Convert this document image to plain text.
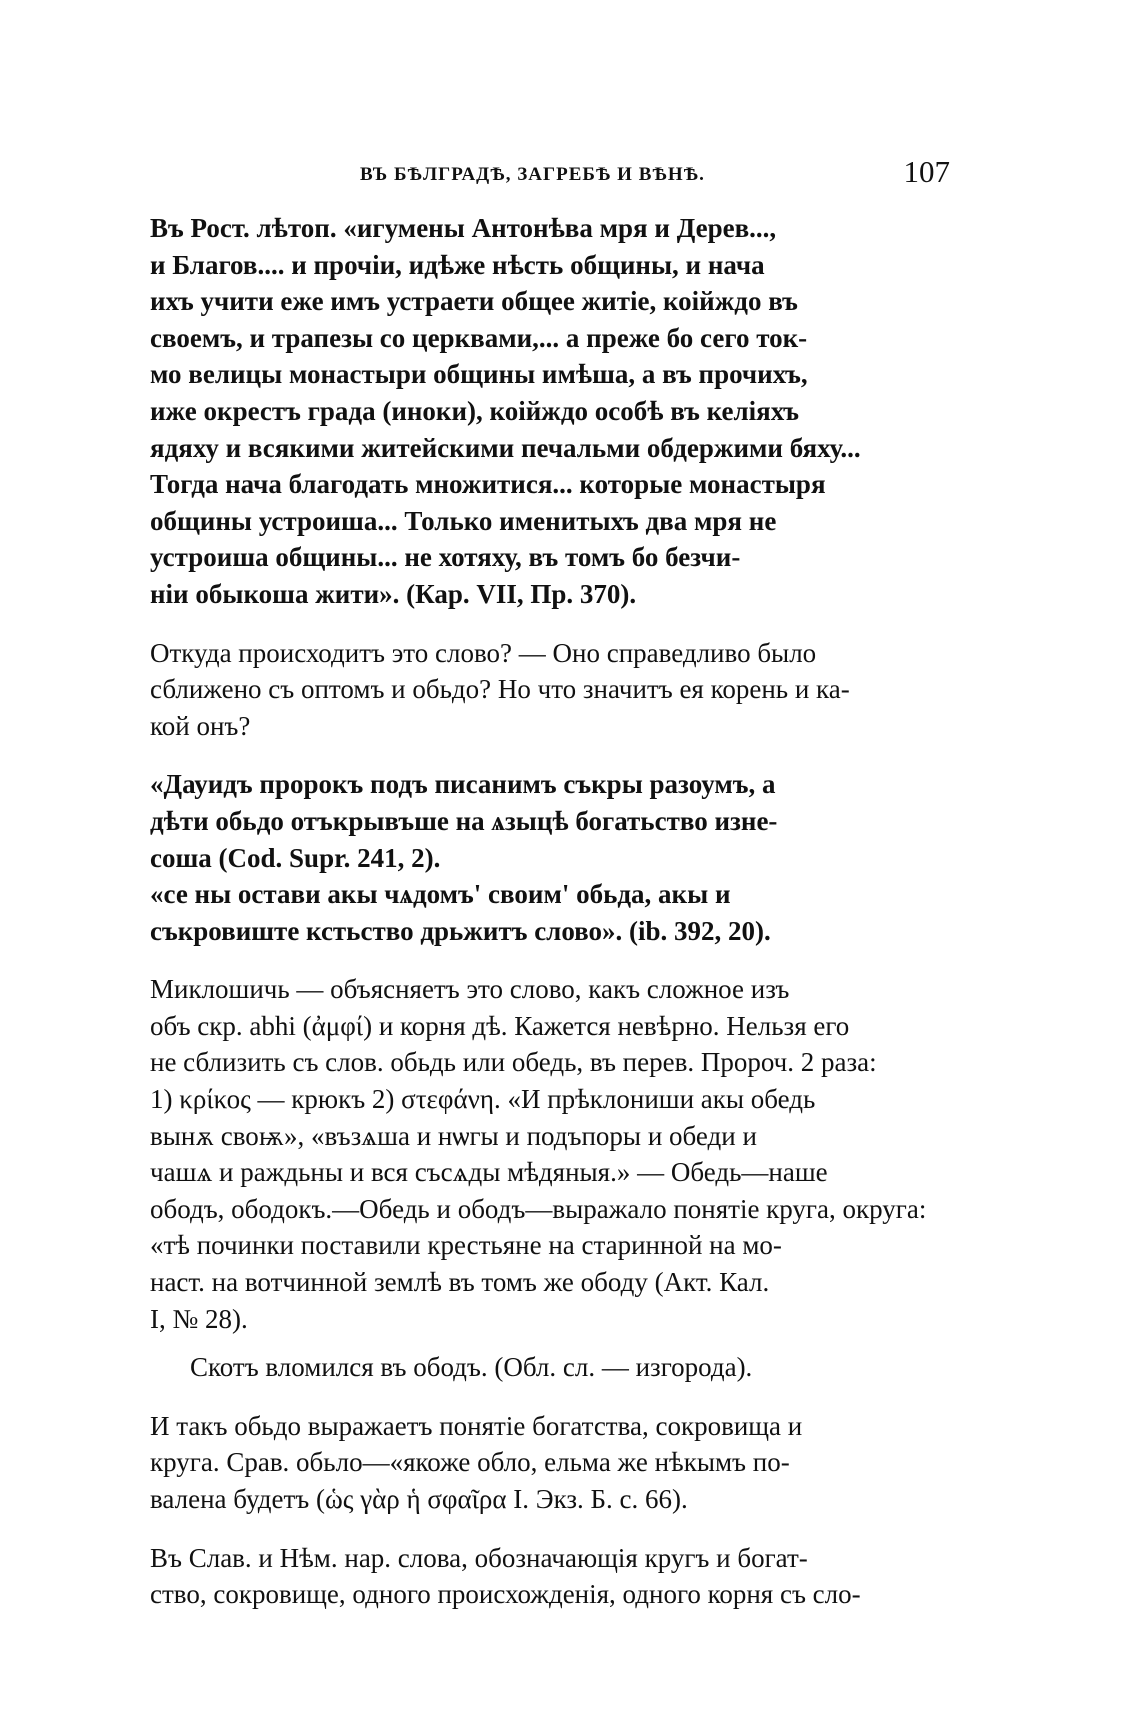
ВЪ БѢЛГРАДѢ, ЗАГРЕБѢ И ВѢНѢ.	107

Въ Рост. лѣтоп. «игумены Антонѣва мря и Дерев...,
и Благов.... и прочіи, идѣже нѣсть общины, и нача
ихъ учити еже имъ устраети общее житіе, коійждо въ
своемъ, и трапезы со церквами,... а преже бо сего ток-
мо велицы монастыри общины имѣша, а въ прочихъ,
иже окрестъ града (иноки), коійждо особѣ въ келіяхъ
ядяху и всякими житейскими печальми обдержими бяху...
Тогда нача благодать множитися... которые монастыря
общины устроиша... Только именитыхъ два мря не
устроиша общины... не хотяху, въ томъ бо безчи-
ніи обыкоша жити». (Кар. VII, Пр. 370).

Откуда происходитъ это слово? — Оно справедливо было
сближено съ оптомъ и обьдо? Но что значитъ ея корень и ка-
кой онъ?

«Дауидъ пророкъ подъ писанимъ съкры разоумъ, а
дѣти обьдо отъкрывъше на ѧзыцѣ богатьство изне-
соша (Cod. Supr. 241, 2).
«се ны остави акы чѧдомъ' своим' обьда, акы и
съкровиште кстьство дрьжитъ слово». (ib. 392, 20).

Миклошичь — объясняетъ это слово, какъ сложное изъ
объ скр. abhi (ἀμφί) и корня дѣ. Кажется невѣрно. Нельзя его
не сблизить съ слов. обьдь или обедь, въ перев. Пророч. 2 раза:
1) κρίκος — крюкъ 2) στεφάνη. «И прѣклониши акы обедь
вынѫ своѭ», «възѧша и нѡгы и подъпоры и обеди и
чашѧ и раждьны и вся съсѧды мѣдяныя.» — Обедь—наше
ободъ, ободокъ.—Обедь и ободъ—выражало понятіе круга, округа:
«тѣ починки поставили крестьяне на старинной на мо-
наст. на вотчинной землѣ въ томъ же ободу (Акт. Кал.
I, № 28).
Скотъ вломился въ ободъ. (Обл. сл. — изгорода).

И такъ обьдо выражаетъ понятіе богатства, сокровища и
круга. Срав. обьло—«якоже обло, ельма же нѣкымъ по-
валена будетъ (ὡς γὰρ ἡ σφαῖρα I. Экз. Б. с. 66).

Въ Слав. и Нѣм. нар. слова, обозначающія кругъ и богат-
ство, сокровище, одного происхожденія, одного корня съ сло-
